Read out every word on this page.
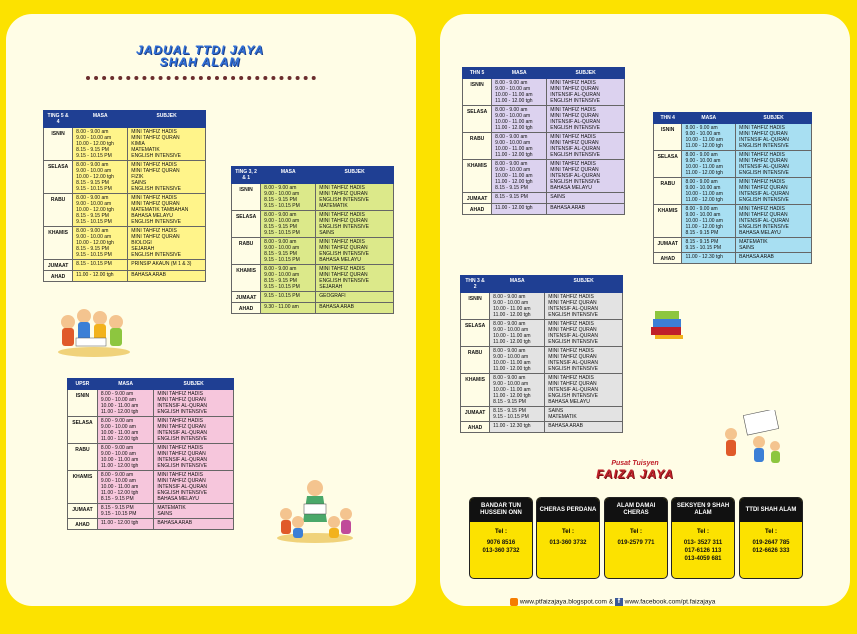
JADUAL TTDI JAYA
SHAH ALAM
TING 5 & 4	MASA	SUBJEK
ISNIN	8.00 - 9.00 am
9.00 - 10.00 am
10.00 - 12.00 tgh
8.15 - 9.15 PM
9.15 - 10.15 PM	MINI TAHFIZ HADIS
MINI TAHFIZ QURAN
KIMIA
MATEMATIK
ENGLISH INTENSIVE

SELASA	8.00 - 9.00 am
9.00 - 10.00 am
10.00 - 12.00 tgh
8.15 - 9.15 PM
9.15 - 10.15 PM	MINI TAHFIZ HADIS
MINI TAHFIZ QURAN
FIZIK
SAINS
ENGLISH INTENSIVE

RABU	8.00 - 9.00 am
9.00 - 10.00 am
10.00 - 12.00 tgh
8.15 - 9.15 PM
9.15 - 10.15 PM	MINI TAHFIZ HADIS
MINI TAHFIZ QURAN
MATEMATIK TAMBAHAN
BAHASA MELAYU
ENGLISH INTENSIVE

KHAMIS	8.00 - 9.00 am
9.00 - 10.00 am
10.00 - 12.00 tgh
8.15 - 9.15 PM
9.15 - 10.15 PM	MINI TAHFIZ HADIS
MINI TAHFIZ QURAN
BIOLOGI
SEJARAH
ENGLISH INTENSIVE

JUMAAT	8.15 - 10.15 PM	PRINSIP AKAUN (M 1 & 3)

AHAD	11.00 - 12.00 tgh	BAHASA ARAB
TING 3, 2 & 1	MASA	SUBJEK
ISNIN	8.00 - 9.00 am
9.00 - 10.00 am
8.15 - 9.15 PM
9.15 - 10.15 PM	MINI TAHFIZ HADIS
MINI TAHFIZ QURAN
ENGLISH INTENSIVE
MATEMATIK

SELASA	8.00 - 9.00 am
9.00 - 10.00 am
8.15 - 9.15 PM
9.15 - 10.15 PM	MINI TAHFIZ HADIS
MINI TAHFIZ QURAN
ENGLISH INTENSIVE
SAINS

RABU	8.00 - 9.00 am
9.00 - 10.00 am
8.15 - 9.15 PM
9.15 - 10.15 PM	MINI TAHFIZ HADIS
MINI TAHFIZ QURAN
ENGLISH INTENSIVE
BAHASA MELAYU

KHAMIS	8.00 - 9.00 am
9.00 - 10.00 am
8.15 - 9.15 PM
9.15 - 10.15 PM	MINI TAHFIZ HADIS
MINI TAHFIZ QURAN
ENGLISH INTENSIVE
SEJARAH

JUMAAT	9.15 - 10.15 PM	GEOGRAFI

AHAD	9.30 - 11.00 am	BAHASA ARAB
UPSR	MASA	SUBJEK
ISNIN	8.00 - 9.00 am
9.00 - 10.00 am
10.00 - 11.00 am
11.00 - 12.00 tgh	MINI TAHFIZ HADIS
MINI TAHFIZ QURAN
INTENSIF AL-QURAN
ENGLISH INTENSIVE

SELASA	8.00 - 9.00 am
9.00 - 10.00 am
10.00 - 11.00 am
11.00 - 12.00 tgh	MINI TAHFIZ HADIS
MINI TAHFIZ QURAN
INTENSIF AL-QURAN
ENGLISH INTENSIVE

RABU	8.00 - 9.00 am
9.00 - 10.00 am
10.00 - 11.00 am
11.00 - 12.00 tgh	MINI TAHFIZ HADIS
MINI TAHFIZ QURAN
INTENSIF AL-QURAN
ENGLISH INTENSIVE

KHAMIS	8.00 - 9.00 am
9.00 - 10.00 am
10.00 - 11.00 am
11.00 - 12.00 tgh
8.15 - 9.15 PM	MINI TAHFIZ HADIS
MINI TAHFIZ QURAN
INTENSIF AL-QURAN
ENGLISH INTENSIVE
BAHASA MELAYU

JUMAAT	8.15 - 9.15 PM
9.15 - 10.15 PM	MATEMATIK
SAINS

AHAD	11.00 - 12.00 tgh	BAHASA ARAB
THN 5	MASA	SUBJEK
ISNIN	8.00 - 9.00 am
9.00 - 10.00 am
10.00 - 11.00 am
11.00 - 12.00 tgh	MINI TAHFIZ HADIS
MINI TAHFIZ QURAN
INTENSIF AL-QURAN
ENGLISH INTENSIVE

SELASA	8.00 - 9.00 am
9.00 - 10.00 am
10.00 - 11.00 am
11.00 - 12.00 tgh	MINI TAHFIZ HADIS
MINI TAHFIZ QURAN
INTENSIF AL-QURAN
ENGLISH INTENSIVE

RABU	8.00 - 9.00 am
9.00 - 10.00 am
10.00 - 11.00 am
11.00 - 12.00 tgh	MINI TAHFIZ HADIS
MINI TAHFIZ QURAN
INTENSIF AL-QURAN
ENGLISH INTENSIVE

KHAMIS	8.00 - 9.00 am
9.00 - 10.00 am
10.00 - 11.00 am
11.00 - 12.00 tgh
8.15 - 9.15 PM	MINI TAHFIZ HADIS
MINI TAHFIZ QURAN
INTENSIF AL-QURAN
ENGLISH INTENSIVE
BAHASA MELAYU

JUMAAT	8.15 - 9.15 PM	SAINS

AHAD	11.00 - 12.00 tgh	BAHASA ARAB
THN 4	MASA	SUBJEK
ISNIN	8.00 - 9.00 am
9.00 - 10.00 am
10.00 - 11.00 am
11.00 - 12.00 tgh	MINI TAHFIZ HADIS
MINI TAHFIZ QURAN
INTENSIF AL-QURAN
ENGLISH INTENSIVE

SELASA	8.00 - 9.00 am
9.00 - 10.00 am
10.00 - 11.00 am
11.00 - 12.00 tgh	MINI TAHFIZ HADIS
MINI TAHFIZ QURAN
INTENSIF AL-QURAN
ENGLISH INTENSIVE

RABU	8.00 - 9.00 am
9.00 - 10.00 am
10.00 - 11.00 am
11.00 - 12.00 tgh	MINI TAHFIZ HADIS
MINI TAHFIZ QURAN
INTENSIF AL-QURAN
ENGLISH INTENSIVE

KHAMIS	8.00 - 9.00 am
9.00 - 10.00 am
10.00 - 11.00 am
11.00 - 12.00 tgh
8.15 - 9.15 PM	MINI TAHFIZ HADIS
MINI TAHFIZ QURAN
INTENSIF AL-QURAN
ENGLISH INTENSIVE
BAHASA MELAYU

JUMAAT	8.15 - 9.15 PM
9.15 - 10.15 PM	MATEMATIK
SAINS

AHAD	11.00 - 12.30 tgh	BAHASA ARAB
THN 3 & 2	MASA	SUBJEK
ISNIN	8.00 - 9.00 am
9.00 - 10.00 am
10.00 - 11.00 am
11.00 - 12.00 tgh	MINI TAHFIZ HADIS
MINI TAHFIZ QURAN
INTENSIF AL-QURAN
ENGLISH INTENSIVE

SELASA	8.00 - 9.00 am
9.00 - 10.00 am
10.00 - 11.00 am
11.00 - 12.00 tgh	MINI TAHFIZ HADIS
MINI TAHFIZ QURAN
INTENSIF AL-QURAN
ENGLISH INTENSIVE

RABU	8.00 - 9.00 am
9.00 - 10.00 am
10.00 - 11.00 am
11.00 - 12.00 tgh	MINI TAHFIZ HADIS
MINI TAHFIZ QURAN
INTENSIF AL-QURAN
ENGLISH INTENSIVE

KHAMIS	8.00 - 9.00 am
9.00 - 10.00 am
10.00 - 11.00 am
11.00 - 12.00 tgh
8.15 - 9.15 PM	MINI TAHFIZ HADIS
MINI TAHFIZ QURAN
INTENSIF AL-QURAN
ENGLISH INTENSIVE
BAHASA MELAYU

JUMAAT	8.15 - 9.15 PM
9.15 - 10.15 PM	SAINS
MATEMATIK

AHAD	11.00 - 12.30 tgh	BAHASA ARAB
Pusat Tuisyen
FAIZA JAYA
BANDAR TUN HUSSEIN ONN
Tel :
9076 8516
013-360 3732
CHERAS PERDANA
Tel :
013-360 3732
ALAM DAMAI CHERAS
Tel :
019-2579 771
SEKSYEN 9 SHAH ALAM
Tel :
013- 3527 311
017-6126 113
013-4059 681
TTDI SHAH ALAM
Tel :
019-2647 785
012-6626 333
www.ptfaizajaya.blogspot.com & f www.facebook.com/pt.faizajaya
